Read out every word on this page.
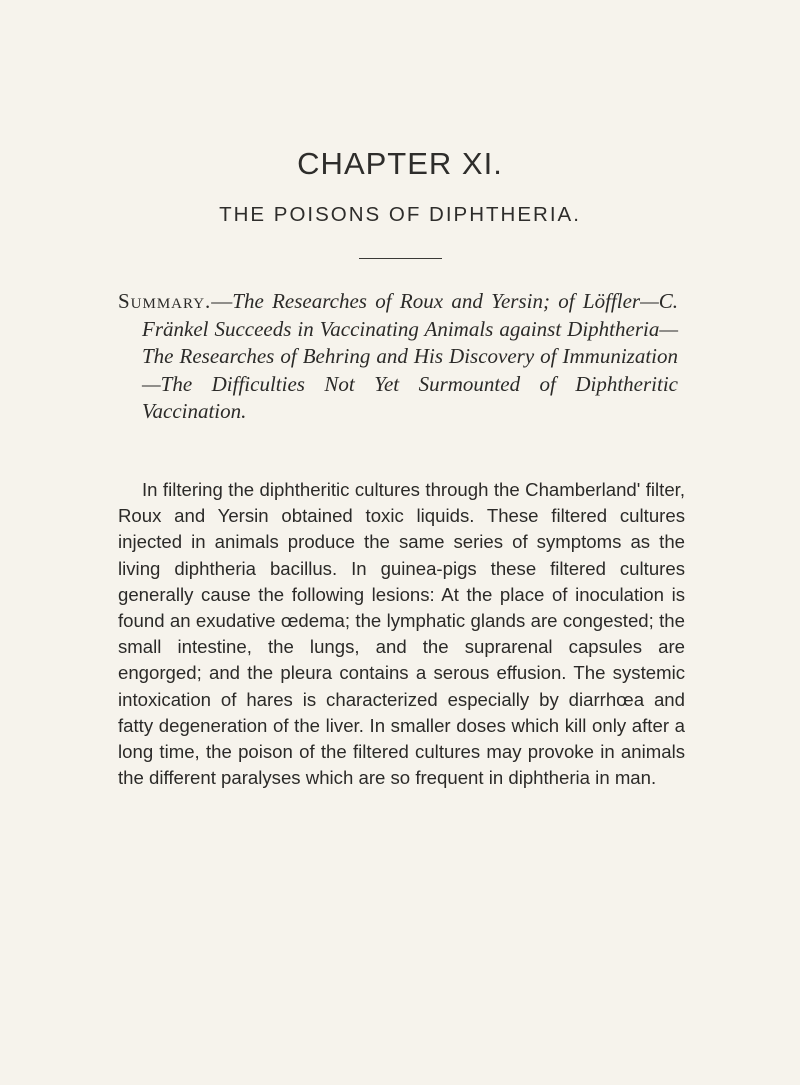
CHAPTER XI.
THE POISONS OF DIPHTHERIA.
Summary.—The Researches of Roux and Yersin; of Löffler—C. Fränkel Succeeds in Vaccinating Animals against Diphtheria—The Researches of Behring and His Discovery of Immunization—The Difficulties Not Yet Surmounted of Diphtheritic Vaccination.

In filtering the diphtheritic cultures through the Chamberland' filter, Roux and Yersin obtained toxic liquids. These filtered cultures injected in animals produce the same series of symptoms as the living diphtheria bacillus. In guinea-pigs these filtered cultures generally cause the following lesions: At the place of inoculation is found an exudative œdema; the lymphatic glands are congested; the small intestine, the lungs, and the suprarenal capsules are engorged; and the pleura contains a serous effusion. The systemic intoxication of hares is characterized especially by diarrhœa and fatty degeneration of the liver. In smaller doses which kill only after a long time, the poison of the filtered cultures may provoke in animals the different paralyses which are so frequent in diphtheria in man.
